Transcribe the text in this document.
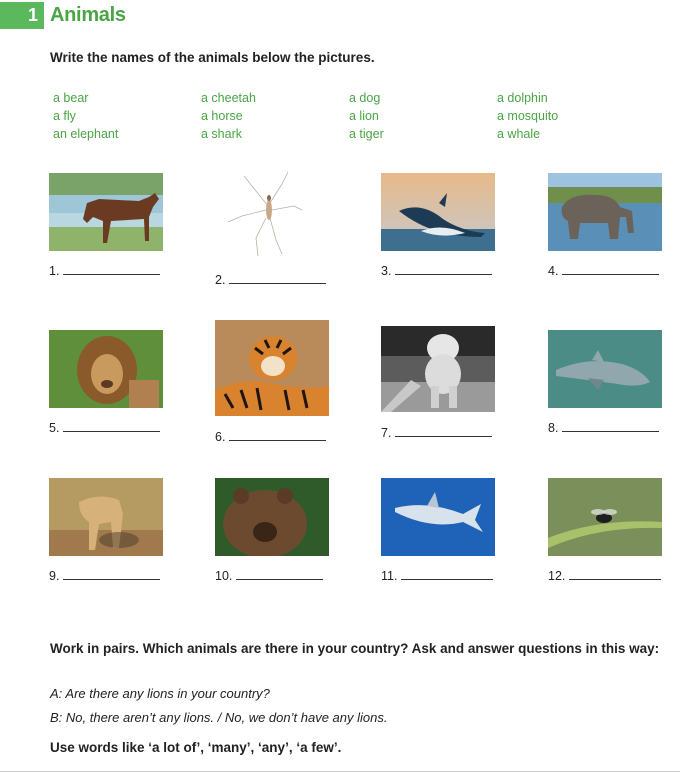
1 Animals
Write the names of the animals below the pictures.
a bear	a cheetah	a dog	a dolphin
a fly	a horse	a lion	a mosquito
an elephant	a shark	a tiger	a whale
1.
2.
3.	4.
5.
6.	7.	8.
9.	10.	11.	12.
Work in pairs. Which animals are there in your country? Ask and answer questions in this way:
A: Are there any lions in your country?
B: No, there aren’t any lions. / No, we don’t have any lions.
Use words like ‘a lot of’, ‘many’, ‘any’, ‘a few’.
